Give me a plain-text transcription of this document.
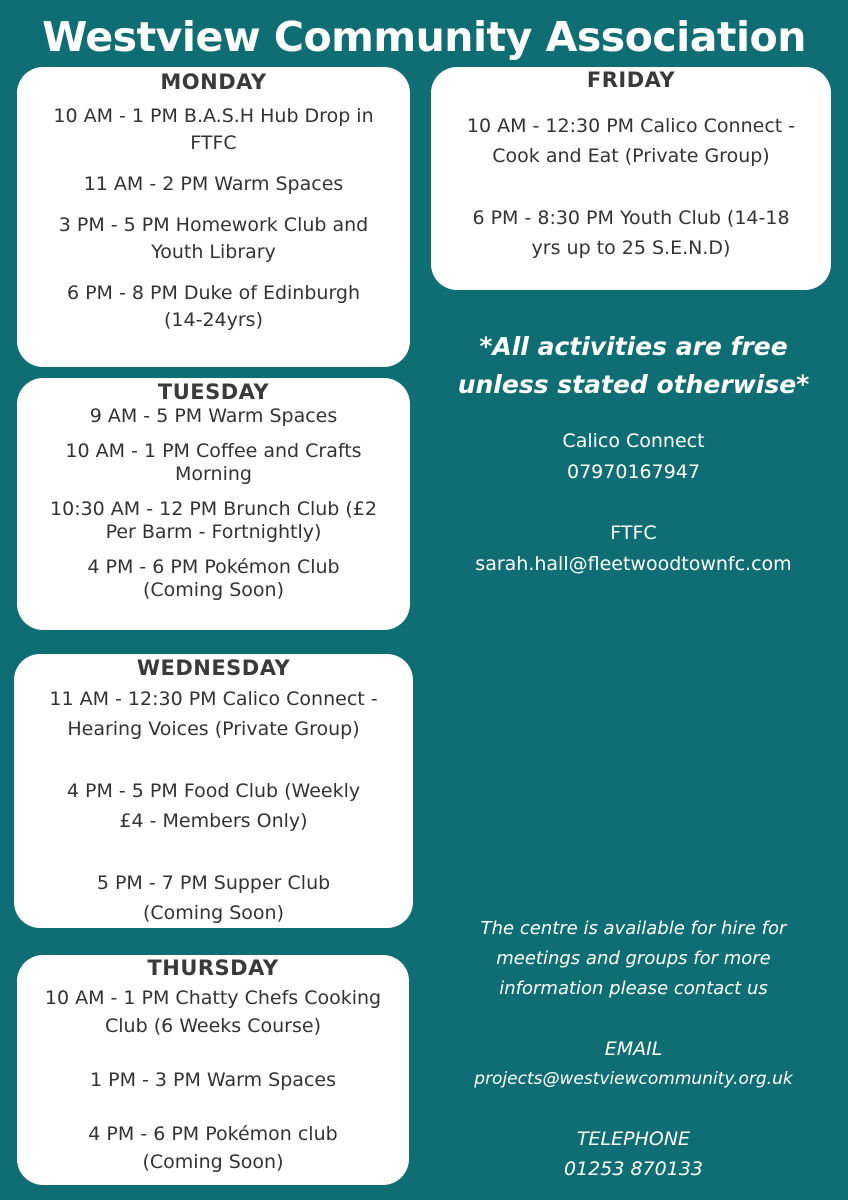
Westview Community Association

MONDAY

10 AM - 1 PM B.A.S.H Hub Drop in FTFC

11 AM - 2 PM Warm Spaces

3 PM - 5 PM Homework Club and Youth Library

6 PM - 8 PM Duke of Edinburgh (14-24yrs)

TUESDAY

9 AM - 5 PM Warm Spaces

10 AM - 1 PM Coffee and Crafts Morning

10:30 AM - 12 PM Brunch Club (£2 Per Barm - Fortnightly)

4 PM - 6 PM Pokémon Club (Coming Soon)

WEDNESDAY

11 AM - 12:30 PM Calico Connect - Hearing Voices (Private Group)

4 PM - 5 PM Food Club (Weekly £4 - Members Only)

5 PM - 7 PM Supper Club (Coming Soon)

THURSDAY

10 AM - 1 PM Chatty Chefs Cooking Club (6 Weeks Course)

1 PM - 3 PM Warm Spaces

4 PM - 6 PM Pokémon club (Coming Soon)

FRIDAY

10 AM - 12:30 PM Calico Connect - Cook and Eat (Private Group)

6 PM - 8:30 PM Youth Club (14-18 yrs up to 25 S.E.N.D)

*All activities are free unless stated otherwise*

Calico Connect

07970167947

FTFC

sarah.hall@fleetwoodtownfc.com

The centre is available for hire for meetings and groups for more information please contact us

EMAIL

projects@westviewcommunity.org.uk

TELEPHONE

01253 870133
